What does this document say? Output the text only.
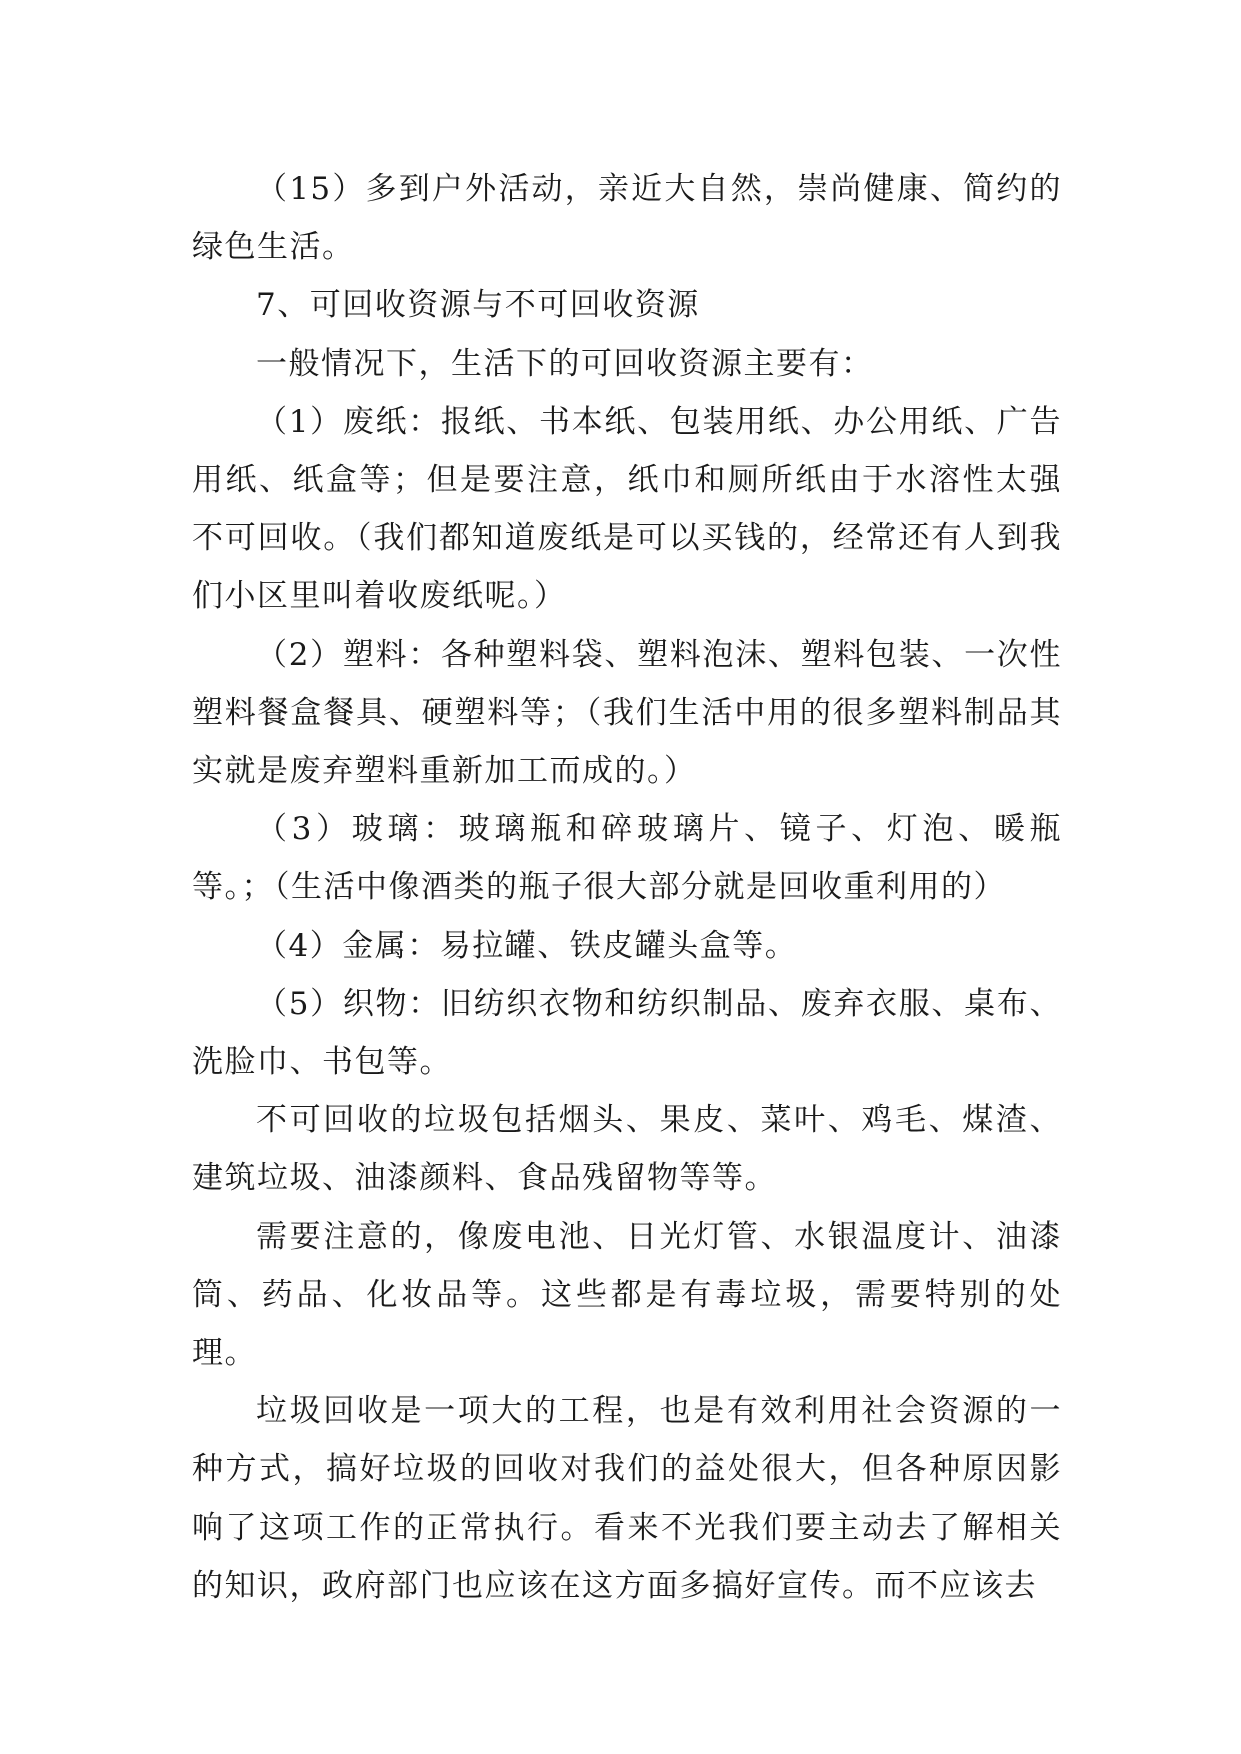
（15）多到户外活动，亲近大自然，崇尚健康、简约的绿色生活。

7、可回收资源与不可回收资源

一般情况下，生活下的可回收资源主要有：

（1）废纸：报纸、书本纸、包装用纸、办公用纸、广告用纸、纸盒等；但是要注意，纸巾和厕所纸由于水溶性太强不可回收。（我们都知道废纸是可以买钱的，经常还有人到我们小区里叫着收废纸呢。）

（2）塑料：各种塑料袋、塑料泡沫、塑料包装、一次性塑料餐盒餐具、硬塑料等；（我们生活中用的很多塑料制品其实就是废弃塑料重新加工而成的。）

（3）玻璃：玻璃瓶和碎玻璃片、镜子、灯泡、暖瓶等。；（生活中像酒类的瓶子很大部分就是回收重利用的）

（4）金属：易拉罐、铁皮罐头盒等。

（5）织物：旧纺织衣物和纺织制品、废弃衣服、桌布、洗脸巾、书包等。

不可回收的垃圾包括烟头、果皮、菜叶、鸡毛、煤渣、建筑垃圾、油漆颜料、食品残留物等等。

需要注意的，像废电池、日光灯管、水银温度计、油漆筒、药品、化妆品等。这些都是有毒垃圾，需要特别的处理。

垃圾回收是一项大的工程，也是有效利用社会资源的一种方式，搞好垃圾的回收对我们的益处很大，但各种原因影响了这项工作的正常执行。看来不光我们要主动去了解相关的知识，政府部门也应该在这方面多搞好宣传。而不应该去
